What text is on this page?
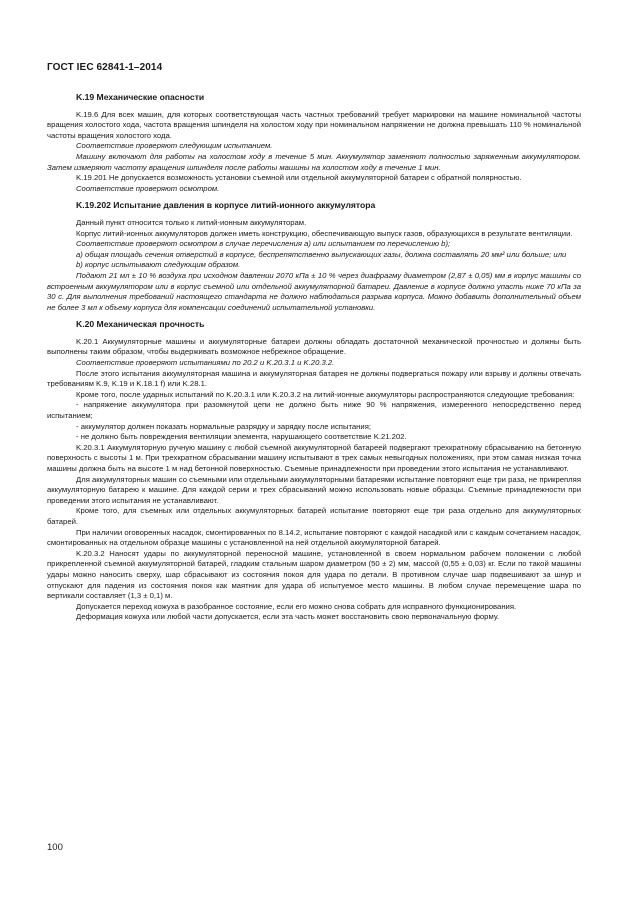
ГОСТ IEC 62841-1–2014
K.19 Механические опасности

K.19.6 Для всех машин, для которых соответствующая часть частных требований требует маркировки на машине номинальной частоты вращения холостого хода, частота вращения шпинделя на холостом ходу при номинальном напряжении не должна превышать 110 % номинальной частоты вращения холостого хода.

Соответствие проверяют следующим испытанием.

Машину включают для работы на холостом ходу в течение 5 мин. Аккумулятор заменяют полностью заряженным аккумулятором. Затем измеряют частоту вращения шпинделя после работы машины на холостом ходу в течение 1 мин.

K.19.201 Не допускается возможность установки съемной или отдельной аккумуляторной батареи с обратной полярностью.

Соответствие проверяют осмотром.

K.19.202 Испытание давления в корпусе литий-ионного аккумулятора

Данный пункт относится только к литий-ионным аккумуляторам.

Корпус литий-ионных аккумуляторов должен иметь конструкцию, обеспечивающую выпуск газов, образующихся в результате вентиляции.

Соответствие проверяют осмотром в случае перечисления а) или испытанием по перечислению b);

а) общая площадь сечения отверстий в корпусе, беспрепятственно выпускающих газы, должна составлять 20 мм² или больше; или

b) корпус испытывают следующим образом.

Подают 21 мл ± 10 % воздуха при исходном давлении 2070 кПа ± 10 % через диафрагму диаметром (2,87 ± 0,05) мм в корпус машины со встроенным аккумулятором или в корпус съемной или отдельной аккумуляторной батареи. Давление в корпусе должно упасть ниже 70 кПа за 30 с. Для выполнения требований настоящего стандарта не должно наблюдаться разрыва корпуса. Можно добавить дополнительный объем не более 3 мл к объему корпуса для компенсации соединений испытательной установки.

K.20 Механическая прочность

K.20.1 Аккумуляторные машины и аккумуляторные батареи должны обладать достаточной механической прочностью и должны быть выполнены таким образом, чтобы выдерживать возможное небрежное обращение.

Соответствие проверяют испытаниями по 20.2 и K.20.3.1 и K.20.3.2.

После этого испытания аккумуляторная машина и аккумуляторная батарея не должны подвергаться пожару или взрыву и должны отвечать требованиям K.9, K.19 и K.18.1 f) или K.28.1.

Кроме того, после ударных испытаний по K.20.3.1 или K.20.3.2 на литий-ионные аккумуляторы распространяются следующие требования:

- напряжение аккумулятора при разомкнутой цепи не должно быть ниже 90 % напряжения, измеренного непосредственно перед испытанием;

- аккумулятор должен показать нормальные разрядку и зарядку после испытания;

- не должно быть повреждения вентиляции элемента, нарушающего соответствие K.21.202.

K.20.3.1 Аккумуляторную ручную машину с любой съемной аккумуляторной батареей подвергают трехкратному сбрасыванию на бетонную поверхность с высоты 1 м. При трехкратном сбрасывании машину испытывают в трех самых невыгодных положениях, при этом самая низкая точка машины должна быть на высоте 1 м над бетонной поверхностью. Съемные принадлежности при проведении этого испытания не устанавливают.

Для аккумуляторных машин со съемными или отдельными аккумуляторными батареями испытание повторяют еще три раза, не прикрепляя аккумуляторную батарею к машине. Для каждой серии и трех сбрасываний можно использовать новые образцы. Съемные принадлежности при проведении этого испытания не устанавливают.

Кроме того, для съемных или отдельных аккумуляторных батарей испытание повторяют еще три раза отдельно для аккумуляторных батарей.

При наличии оговоренных насадок, смонтированных по 8.14.2, испытание повторяют с каждой насадкой или с каждым сочетанием насадок, смонтированных на отдельном образце машины с установленной на ней отдельной аккумуляторной батарей.

K.20.3.2 Наносят удары по аккумуляторной переносной машине, установленной в своем нормальном рабочем положении с любой прикрепленной съемной аккумуляторной батарей, гладким стальным шаром диаметром (50 ± 2) мм, массой (0,55 ± 0,03) кг. Если по такой машины удары можно наносить сверху, шар сбрасывают из состояния покоя для удара по детали. В противном случае шар подвешивают за шнур и отпускают для падения из состояния покоя как маятник для удара об испытуемое место машины. В любом случае перемещение шара по вертикали составляет (1,3 ± 0,1) м.

Допускается переход кожуха в разобранное состояние, если его можно снова собрать для исправного функционирования.

Деформация кожуха или любой части допускается, если эта часть может восстановить свою первоначальную форму.

100
